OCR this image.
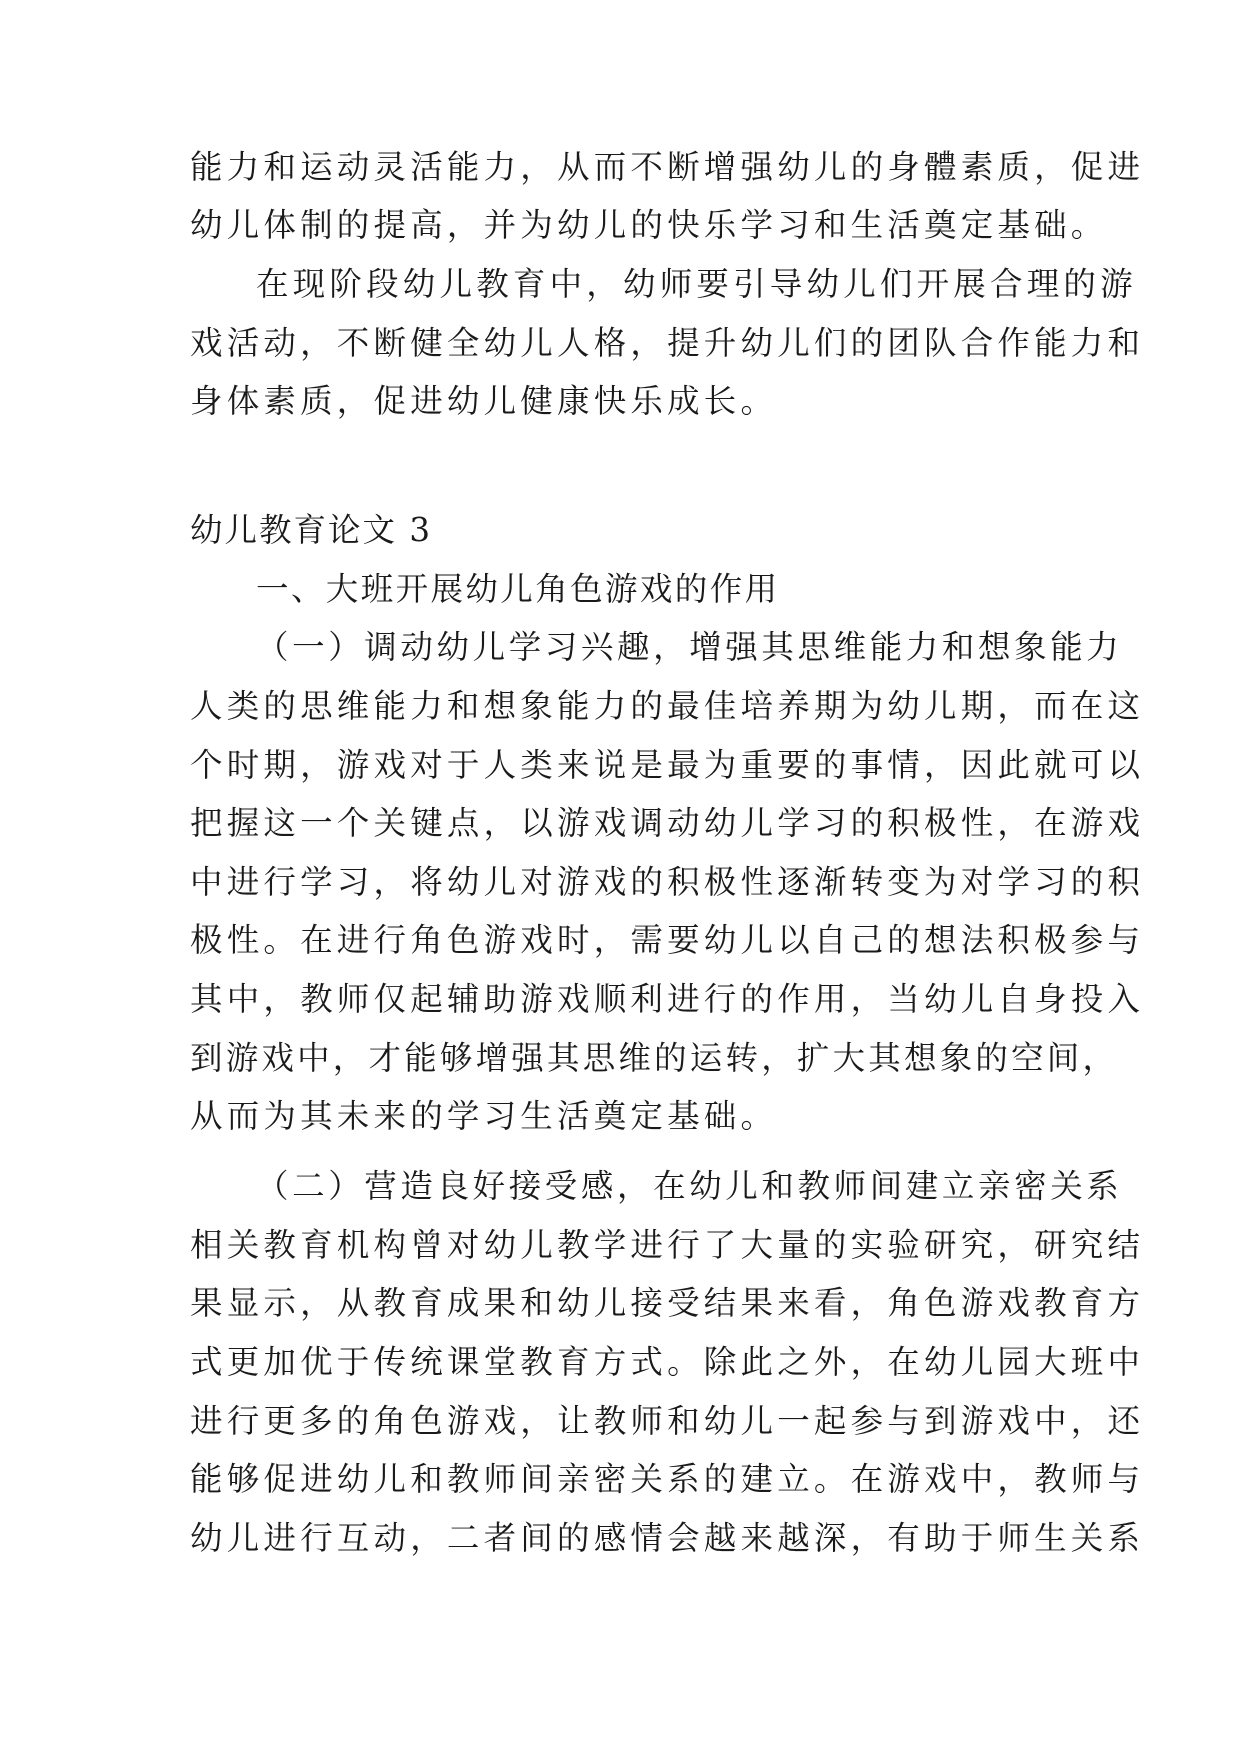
能力和运动灵活能力，从而不断增强幼儿的身體素质，促进
幼儿体制的提高，并为幼儿的快乐学习和生活奠定基础。
在现阶段幼儿教育中，幼师要引导幼儿们开展合理的游
戏活动，不断健全幼儿人格，提升幼儿们的团队合作能力和
身体素质，促进幼儿健康快乐成长。
幼儿教育论文 3
一、大班开展幼儿角色游戏的作用
（一）调动幼儿学习兴趣，增强其思维能力和想象能力
人类的思维能力和想象能力的最佳培养期为幼儿期，而在这
个时期，游戏对于人类来说是最为重要的事情，因此就可以
把握这一个关键点，以游戏调动幼儿学习的积极性，在游戏
中进行学习，将幼儿对游戏的积极性逐渐转变为对学习的积
极性。在进行角色游戏时，需要幼儿以自己的想法积极参与
其中，教师仅起辅助游戏顺利进行的作用，当幼儿自身投入
到游戏中，才能够增强其思维的运转，扩大其想象的空间，
从而为其未来的学习生活奠定基础。
（二）营造良好接受感，在幼儿和教师间建立亲密关系
相关教育机构曾对幼儿教学进行了大量的实验研究，研究结
果显示，从教育成果和幼儿接受结果来看，角色游戏教育方
式更加优于传统课堂教育方式。除此之外，在幼儿园大班中
进行更多的角色游戏，让教师和幼儿一起参与到游戏中，还
能够促进幼儿和教师间亲密关系的建立。在游戏中，教师与
幼儿进行互动，二者间的感情会越来越深，有助于师生关系
